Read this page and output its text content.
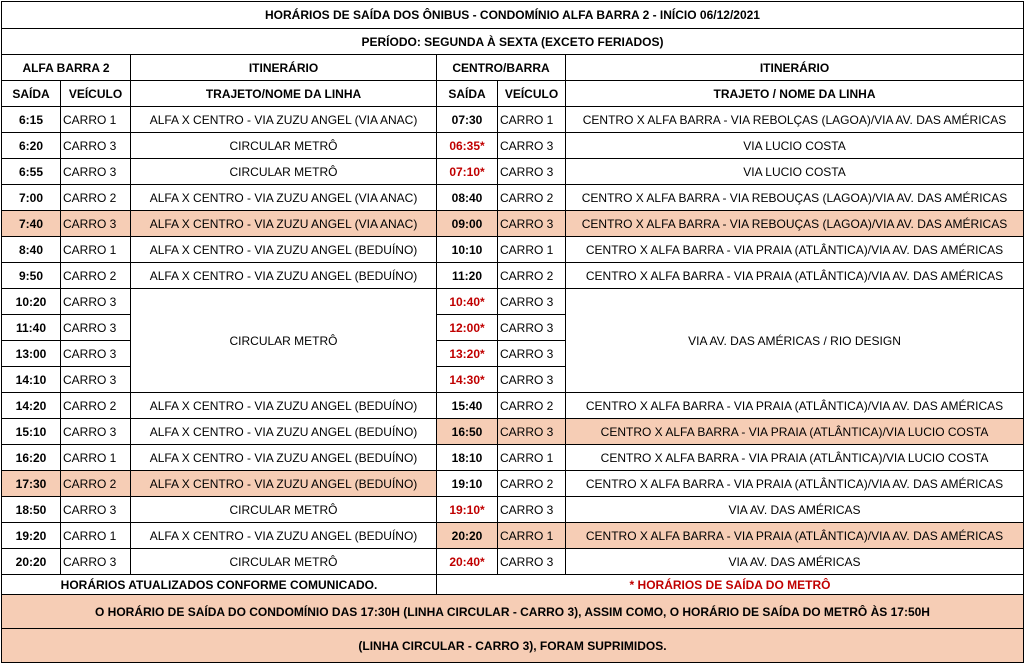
HORÁRIOS DE SAÍDA DOS ÔNIBUS - CONDOMÍNIO ALFA BARRA 2 - INÍCIO 06/12/2021					
PERÍODO: SEGUNDA À SEXTA (EXCETO FERIADOS)					
ALFA BARRA 2		ITINERÁRIO	CENTRO/BARRA		ITINERÁRIO
SAÍDA	VEÍCULO	TRAJETO/NOME DA LINHA	SAÍDA	VEÍCULO	TRAJETO / NOME DA LINHA
6:15	CARRO 1	ALFA X CENTRO - VIA ZUZU ANGEL (VIA ANAC)	07:30	CARRO 1	CENTRO X ALFA BARRA - VIA REBOLÇAS (LAGOA)/VIA AV. DAS AMÉRICAS
6:20	CARRO 3	CIRCULAR METRÔ	06:35*	CARRO 3	VIA LUCIO COSTA
6:55	CARRO 3	CIRCULAR METRÔ	07:10*	CARRO 3	VIA LUCIO COSTA
7:00	CARRO 2	ALFA X CENTRO - VIA ZUZU ANGEL (VIA ANAC)	08:40	CARRO 2	CENTRO X ALFA BARRA - VIA REBOUÇAS (LAGOA)/VIA AV. DAS AMÉRICAS
7:40	CARRO 3	ALFA X CENTRO - VIA ZUZU ANGEL (VIA ANAC)	09:00	CARRO 3	CENTRO X ALFA BARRA - VIA REBOUÇAS (LAGOA)/VIA AV. DAS AMÉRICAS
8:40	CARRO 1	ALFA X CENTRO - VIA ZUZU ANGEL (BEDUÍNO)	10:10	CARRO 1	CENTRO X ALFA BARRA - VIA PRAIA (ATLÂNTICA)/VIA AV. DAS AMÉRICAS
9:50	CARRO 2	ALFA X CENTRO - VIA ZUZU ANGEL (BEDUÍNO)	11:20	CARRO 2	CENTRO X ALFA BARRA - VIA PRAIA (ATLÂNTICA)/VIA AV. DAS AMÉRICAS
10:20	CARRO 3	CIRCULAR METRÔ	10:40*	CARRO 3	VIA AV. DAS AMÉRICAS / RIO DESIGN
11:40	CARRO 3		12:00*	CARRO 3	
13:00	CARRO 3		13:20*	CARRO 3	
14:10	CARRO 3		14:30*	CARRO 3	
14:20	CARRO 2	ALFA X CENTRO - VIA ZUZU ANGEL (BEDUÍNO)	15:40	CARRO 2	CENTRO X ALFA BARRA - VIA PRAIA (ATLÂNTICA)/VIA AV. DAS AMÉRICAS
15:10	CARRO 3	ALFA X CENTRO - VIA ZUZU ANGEL (BEDUÍNO)	16:50	CARRO 3	CENTRO X ALFA BARRA - VIA PRAIA (ATLÂNTICA)/VIA LUCIO COSTA
16:20	CARRO 1	ALFA X CENTRO - VIA ZUZU ANGEL (BEDUÍNO)	18:10	CARRO 1	CENTRO X ALFA BARRA - VIA PRAIA (ATLÂNTICA)/VIA LUCIO COSTA
17:30	CARRO 2	ALFA X CENTRO - VIA ZUZU ANGEL (BEDUÍNO)	19:10	CARRO 2	CENTRO X ALFA BARRA - VIA PRAIA (ATLÂNTICA)/VIA AV. DAS AMÉRICAS
18:50	CARRO 3	CIRCULAR METRÔ	19:10*	CARRO 3	VIA AV. DAS AMÉRICAS
19:20	CARRO 1	ALFA X CENTRO - VIA ZUZU ANGEL (BEDUÍNO)	20:20	CARRO 1	CENTRO X ALFA BARRA - VIA PRAIA (ATLÂNTICA)/VIA AV. DAS AMÉRICAS
20:20	CARRO 3	CIRCULAR METRÔ	20:40*	CARRO 3	VIA AV. DAS AMÉRICAS
HORÁRIOS ATUALIZADOS CONFORME COMUNICADO.			* HORÁRIOS DE SAÍDA DO METRÔ		
O HORÁRIO DE SAÍDA DO CONDOMÍNIO DAS 17:30H (LINHA CIRCULAR - CARRO 3), ASSIM COMO, O HORÁRIO DE SAÍDA DO METRÔ ÀS 17:50H					
(LINHA CIRCULAR - CARRO 3), FORAM SUPRIMIDOS.					
